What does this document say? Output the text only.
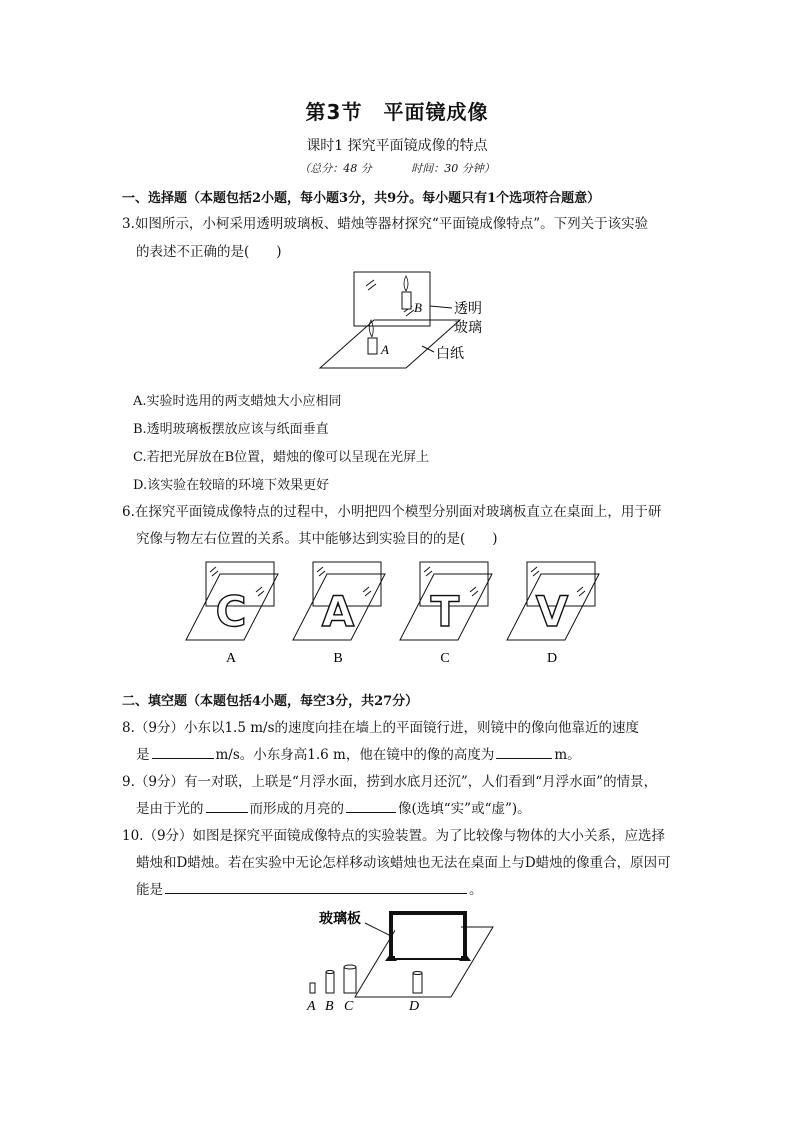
第3节　平面镜成像
课时1 探究平面镜成像的特点
（总分：48 分	时间：30 分钟）
一、选择题（本题包括2小题，每小题3分，共9分。每小题只有1个选项符合题意）
3.如图所示，小柯采用透明玻璃板、蜡烛等器材探究“平面镜成像特点”。下列关于该实验
的表述不正确的是(　　)
B
A
透明
玻璃
白纸
A.实验时选用的两支蜡烛大小应相同
B.透明玻璃板摆放应该与纸面垂直
C.若把光屏放在B位置，蜡烛的像可以呈现在光屏上
D.该实验在较暗的环境下效果更好
6.在探究平面镜成像特点的过程中，小明把四个模型分别面对玻璃板直立在桌面上，用于研
究像与物左右位置的关系。其中能够达到实验目的的是(　　)
C
A
A
B
T
C
V
D
二、填空题（本题包括4小题，每空3分，共27分）
8.（9分）小东以1.5 m/s的速度向挂在墙上的平面镜行进，则镜中的像向他靠近的速度
是	m/s。小东身高1.6 m，他在镜中的像的高度为	m。
9.（9分）有一对联，上联是“月浮水面，捞到水底月还沉”，人们看到“月浮水面”的情景，
是由于光的	而形成的月亮的	像(选填“实”或“虚”)。
10.（9分）如图是探究平面镜成像特点的实验装置。为了比较像与物体的大小关系，应选择
蜡烛和D蜡烛。若在实验中无论怎样移动该蜡烛也无法在桌面上与D蜡烛的像重合，原因可
能是	。
玻璃板
A B C	D
